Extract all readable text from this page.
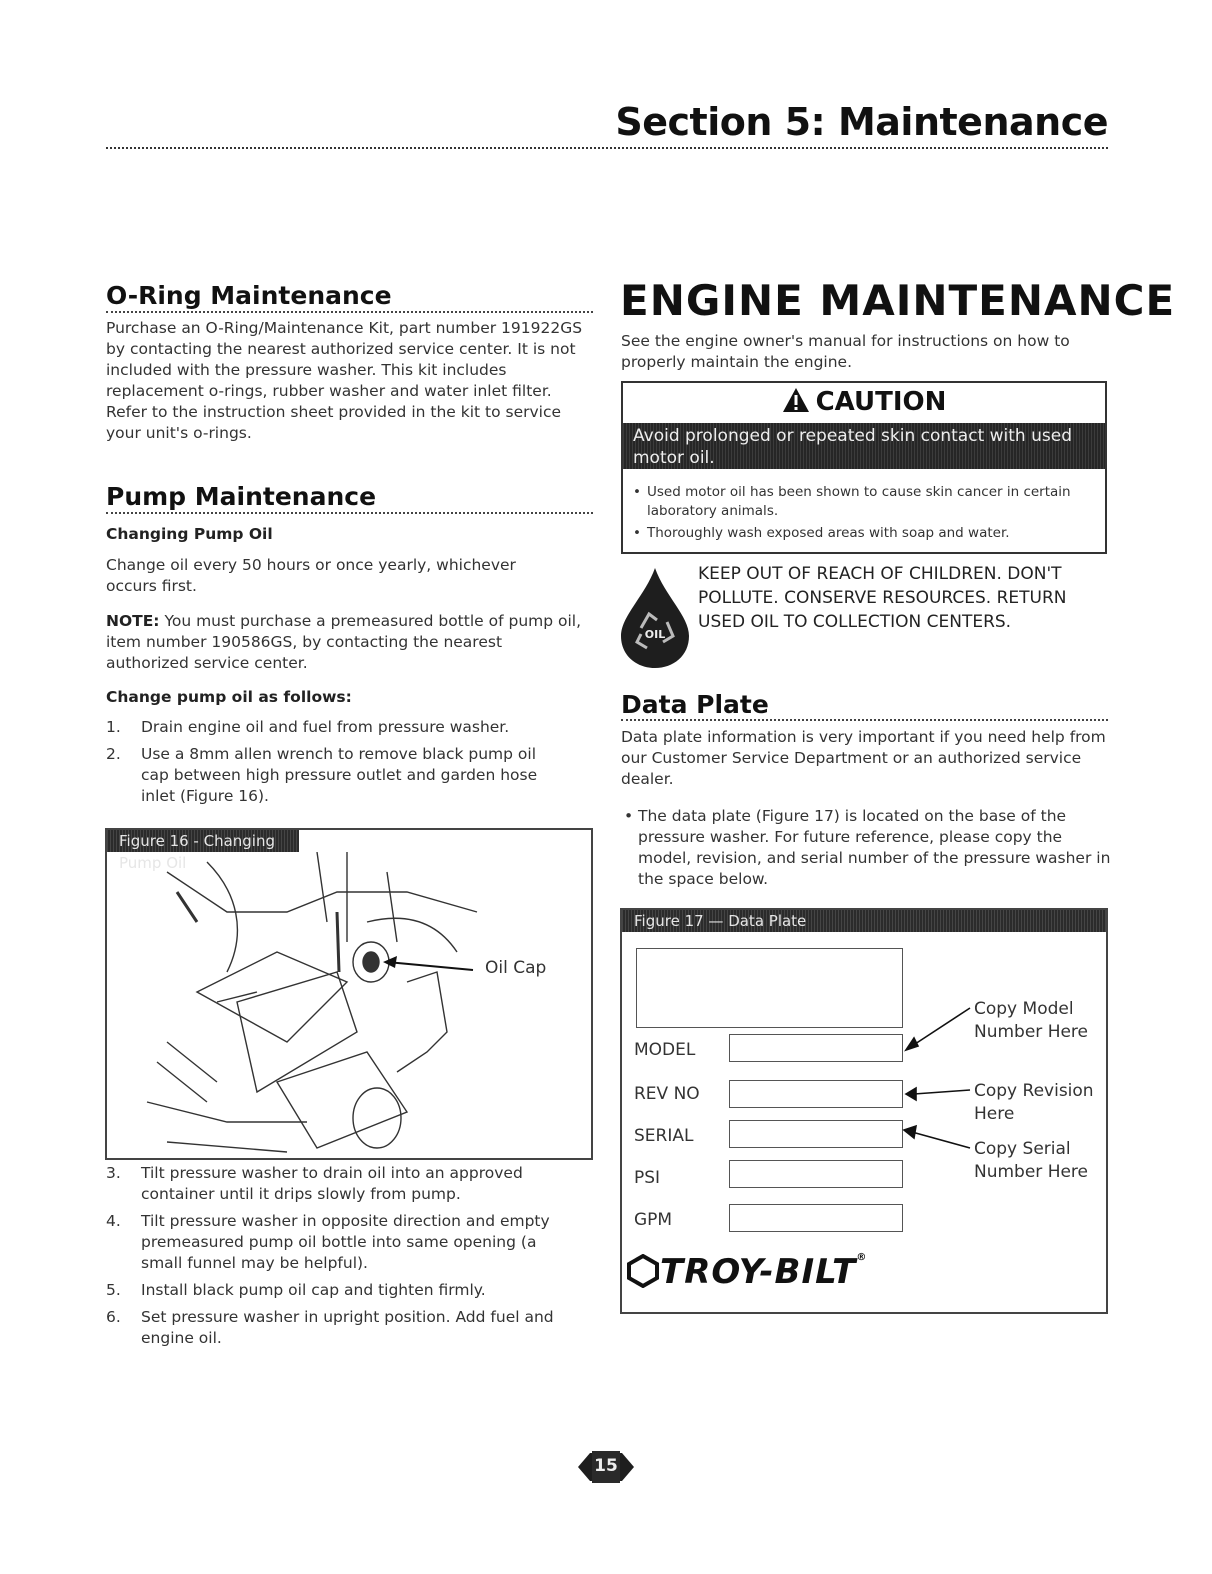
Section 5: Maintenance
O-Ring Maintenance
Purchase an O-Ring/Maintenance Kit, part number 191922GS by contacting the nearest authorized service center. It is not included with the pressure washer. This kit includes replacement o-rings, rubber washer and water inlet filter. Refer to the instruction sheet provided in the kit to service your unit's o-rings.
Pump Maintenance
Changing Pump Oil
Change oil every 50 hours or once yearly, whichever occurs first.
NOTE: You must purchase a premeasured bottle of pump oil, item number 190586GS, by contacting the nearest authorized service center.
Change pump oil as follows:
1. Drain engine oil and fuel from pressure washer.
2. Use a 8mm allen wrench to remove black pump oil cap between high pressure outlet and garden hose inlet (Figure 16).
Figure 16 - Changing Pump Oil
Oil Cap
3. Tilt pressure washer to drain oil into an approved container until it drips slowly from pump.
4. Tilt pressure washer in opposite direction and empty premeasured pump oil bottle into same opening (a small funnel may be helpful).
5. Install black pump oil cap and tighten firmly.
6. Set pressure washer in upright position. Add fuel and engine oil.
ENGINE MAINTENANCE
See the engine owner's manual for instructions on how to properly maintain the engine.
CAUTION
Avoid prolonged or repeated skin contact with used motor oil.
• Used motor oil has been shown to cause skin cancer in certain laboratory animals.
• Thoroughly wash exposed areas with soap and water.
OIL
KEEP OUT OF REACH OF CHILDREN. DON'T POLLUTE. CONSERVE RESOURCES. RETURN USED OIL TO COLLECTION CENTERS.
Data Plate
Data plate information is very important if you need help from our Customer Service Department or an authorized service dealer.
• The data plate (Figure 17) is located on the base of the pressure washer. For future reference, please copy the model, revision, and serial number of the pressure washer in the space below.
Figure 17 — Data Plate
MODEL
REV NO
SERIAL
PSI
GPM
Copy Model Number Here
Copy Revision Here
Copy Serial Number Here
TROY-BILT®
15
